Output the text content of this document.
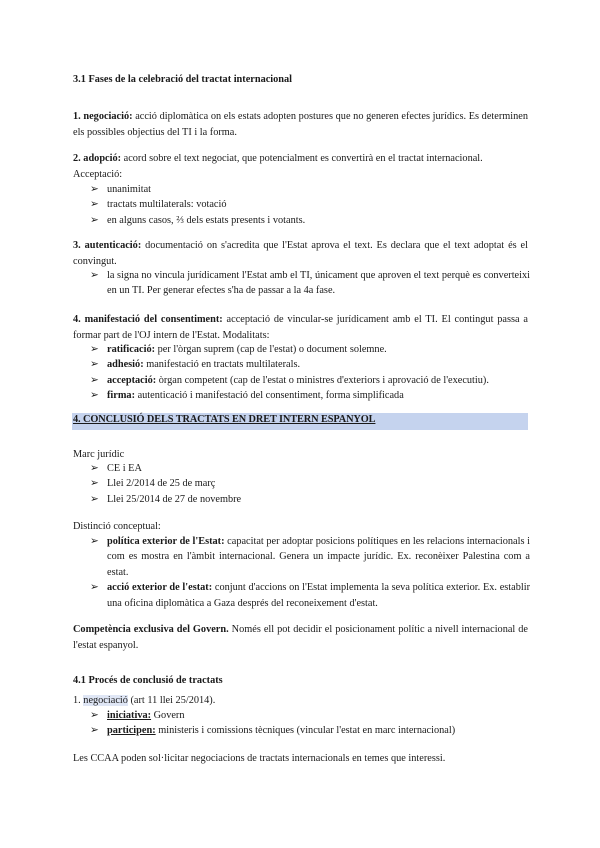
3.1 Fases de la celebració del tractat internacional
1. negociació: acció diplomàtica on els estats adopten postures que no generen efectes jurídics. Es determinen els possibles objectius del TI i la forma.
2. adopció: acord sobre el text negociat, que potencialment es convertirà en el tractat internacional.
Acceptació:
➢ unanimitat
➢ tractats multilaterals: votació
➢ en alguns casos, ⅔ dels estats presents i votants.
3. autenticació: documentació on s'acredita que l'Estat aprova el text. Es declara que el text adoptat és el convingut.
➢ la signa no vincula jurídicament l'Estat amb el TI, únicament que aproven el text perquè es converteixi en un TI. Per generar efectes s'ha de passar a la 4a fase.
4. manifestació del consentiment: acceptació de vincular-se jurídicament amb el TI. El contingut passa a formar part de l'OJ intern de l'Estat. Modalitats:
➢ ratificació: per l'òrgan suprem (cap de l'estat) o document solemne.
➢ adhesió: manifestació en tractats multilaterals.
➢ acceptació: òrgan competent (cap de l'estat o ministres d'exteriors i aprovació de l'executiu).
➢ firma: autenticació i manifestació del consentiment, forma simplificada
4. CONCLUSIÓ DELS TRACTATS EN DRET INTERN ESPANYOL
Marc jurídic
➢ CE i EA
➢ Llei 2/2014 de 25 de març
➢ Llei 25/2014 de 27 de novembre
Distinció conceptual:
➢ política exterior de l'Estat: capacitat per adoptar posicions polítiques en les relacions internacionals i com es mostra en l'àmbit internacional. Genera un impacte jurídic. Ex. reconèixer Palestina com a estat.
➢ acció exterior de l'estat: conjunt d'accions on l'Estat implementa la seva política exterior. Ex. establir una oficina diplomàtica a Gaza després del reconeixement d'estat.
Competència exclusiva del Govern. Només ell pot decidir el posicionament polític a nivell internacional de l'estat espanyol.
4.1 Procés de conclusió de tractats
1. negociació (art 11 llei 25/2014).
➢ iniciativa: Govern
➢ participen: ministeris i comissions tècniques (vincular l'estat en marc internacional)
Les CCAA poden sol·licitar negociacions de tractats internacionals en temes que interessi.
